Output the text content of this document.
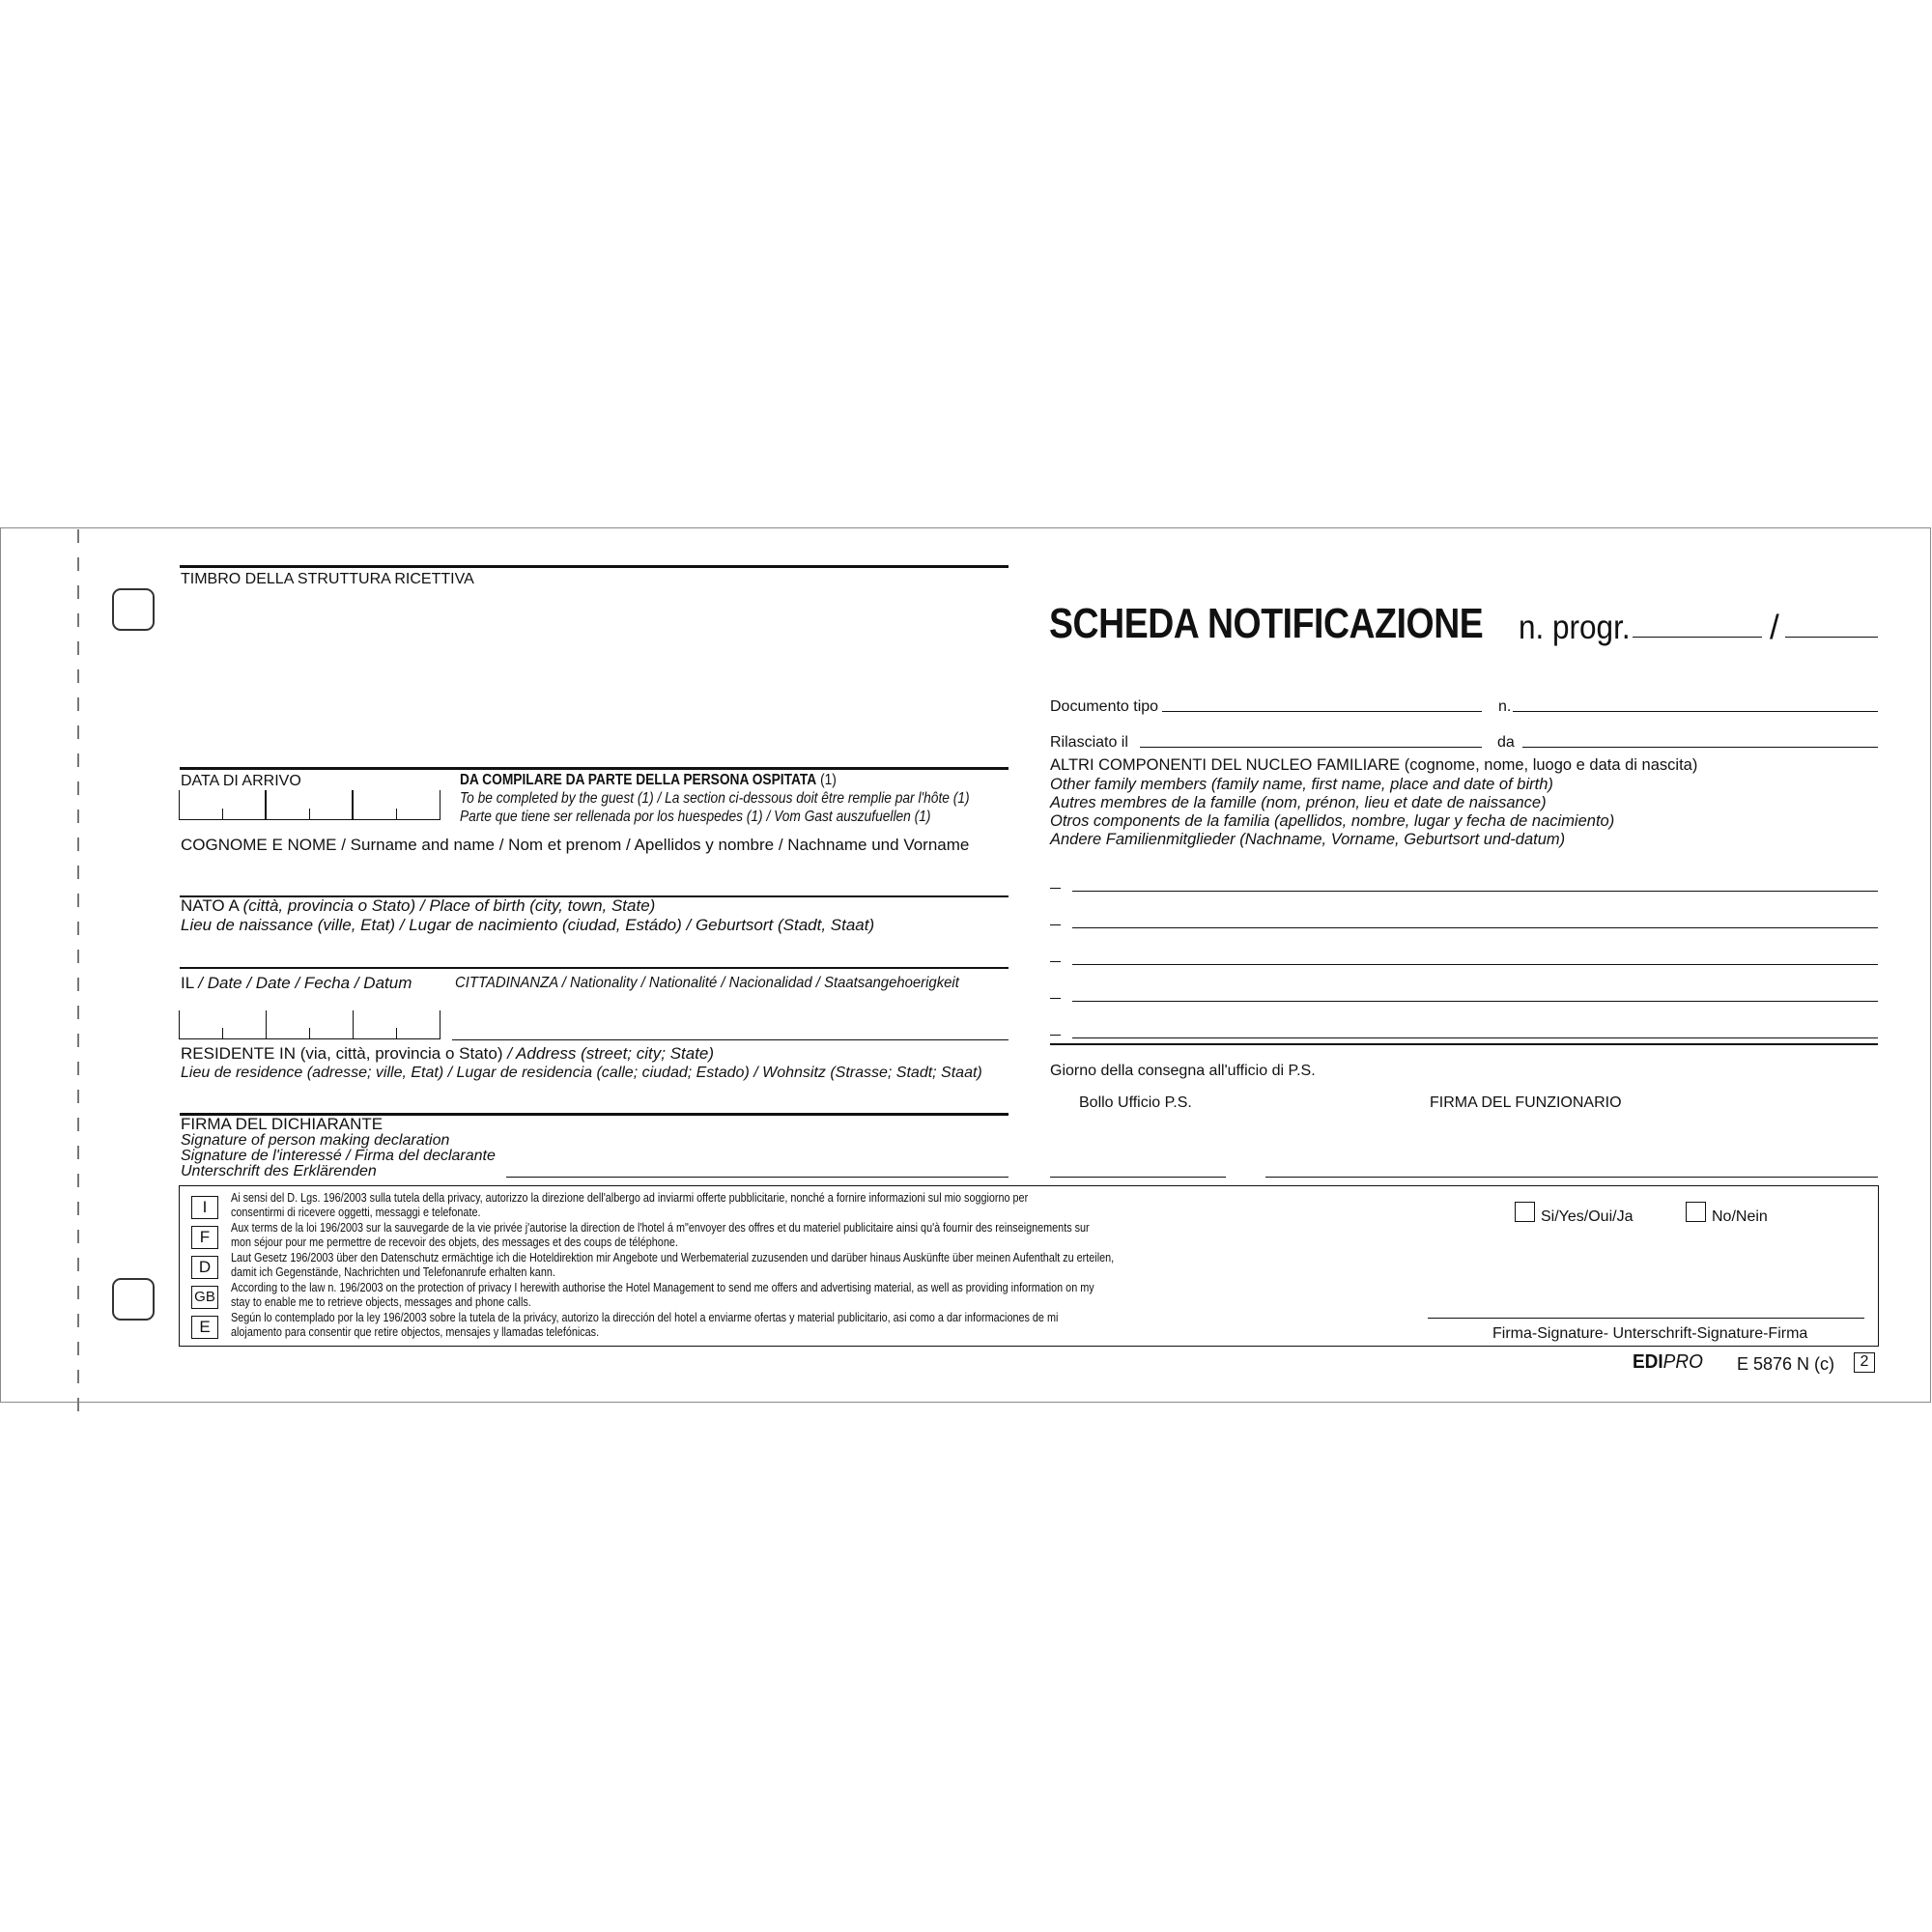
TIMBRO DELLA STRUTTURA RICETTIVA
DATA DI ARRIVO	DA COMPILARE DA PARTE DELLA PERSONA OSPITATA (1)
To be completed by the guest (1) / La section ci-dessous doit être remplie par l'hôte (1)
Parte que tiene ser rellenada por los huespedes (1) / Vom Gast auszufuellen (1)
COGNOME E NOME / Surname and name / Nom et prenom / Apellidos y nombre / Nachname und Vorname
NATO A (città, provincia o Stato) / Place of birth (city, town, State)
Lieu de naissance (ville, Etat) / Lugar de nacimiento (ciudad, Estádo) / Geburtsort (Stadt, Staat)
IL / Date / Date / Fecha / Datum	CITTADINANZA / Nationality / Nationalité / Nacionalidad / Staatsangehoerigkeit
RESIDENTE IN (via, città, provincia o Stato) / Address (street; city; State)
Lieu de residence (adresse; ville, Etat) / Lugar de residencia (calle; ciudad; Estado) / Wohnsitz (Strasse; Stadt; Staat)
FIRMA DEL DICHIARANTE
Signature of person making declaration
Signature de l'interessé / Firma del declarante
Unterschrift des Erklärenden
SCHEDA NOTIFICAZIONE n. progr.	/
Documento tipo	n.
Rilasciato il	da
ALTRI COMPONENTI DEL NUCLEO FAMILIARE (cognome, nome, luogo e data di nascita)
Other family members (family name, first name, place and date of birth)
Autres membres de la famille (nom, prénon, lieu et date de naissance)
Otros components de la familia (apellidos, nombre, lugar y fecha de nacimiento)
Andere Familienmitglieder (Nachname, Vorname, Geburtsort und-datum)
Giorno della consegna all'ufficio di P.S.
Bollo Ufficio P.S.	FIRMA DEL FUNZIONARIO
I
Ai sensi del D. Lgs. 196/2003 sulla tutela della privacy, autorizzo la direzione dell'albergo ad inviarmi offerte pubblicitarie, nonché a fornire informazioni sul mio soggiorno per
consentirmi di ricevere oggetti, messaggi e telefonate.
F
Aux terms de la loi 196/2003 sur la sauvegarde de la vie privée j'autorise la direction de l'hotel á m"envoyer des offres et du materiel publicitaire ainsi qu'à fournir des reinseignements sur
mon séjour pour me permettre de recevoir des objets, des messages et des coups de téléphone.
D
Laut Gesetz 196/2003 über den Datenschutz ermächtige ich die Hoteldirektion mir Angebote und Werbematerial zuzusenden und darüber hinaus Auskünfte über meinen Aufenthalt zu erteilen,
damit ich Gegenstände, Nachrichten und Telefonanrufe erhalten kann.
GB
According to the law n. 196/2003 on the protection of privacy I herewith authorise the Hotel Management to send me offers and advertising material, as well as providing information on my
stay to enable me to retrieve objects, messages and phone calls.
E
Según lo contemplado por la ley 196/2003 sobre la tutela de la privácy, autorizo la dirección del hotel a enviarme ofertas y material publicitario, asi como a dar informaciones de mi
alojamento para consentir que retire objectos, mensajes y llamadas telefónicas.
Si/Yes/Oui/Ja	No/Nein
Firma-Signature- Unterschrift-Signature-Firma
EDIPRO E 5876 N (c)	2
